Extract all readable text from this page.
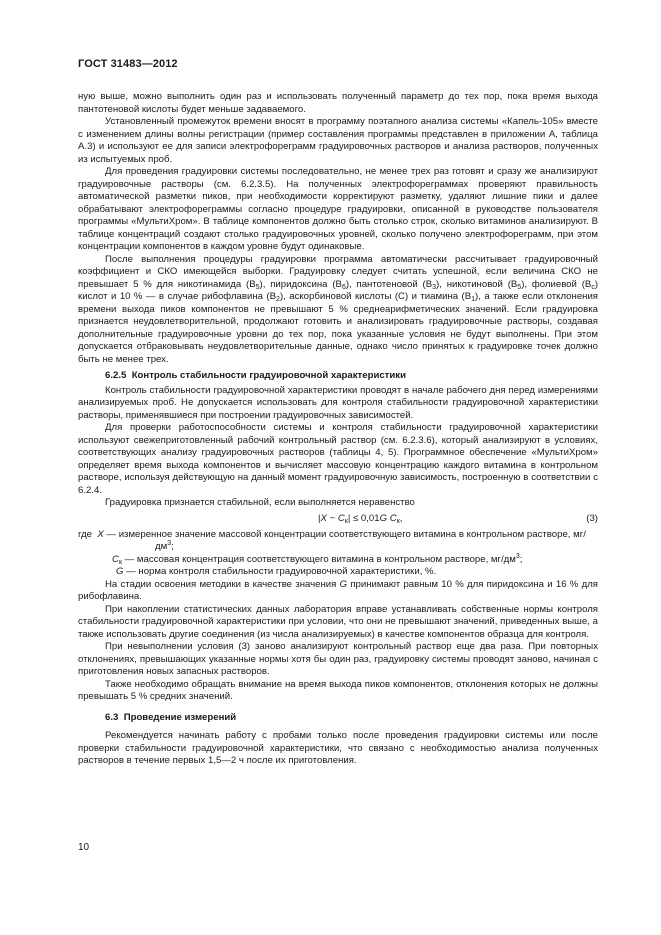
ГОСТ 31483—2012

ную выше, можно выполнить один раз и использовать полученный параметр до тех пор, пока время выхода пантотеновой кислоты будет меньше задаваемого.

Установленный промежуток времени вносят в программу поэтапного анализа системы «Капель-105» вместе с изменением длины волны регистрации (пример составления программы представлен в приложении А, таблица А.3) и используют ее для записи электрофореграмм градуировочных растворов и анализа растворов, полученных из испытуемых проб.

Для проведения градуировки системы последовательно, не менее трех раз готовят и сразу же анализируют градуировочные растворы (см. 6.2.3.5). На полученных электрофореграммах проверяют правильность автоматической разметки пиков, при необходимости корректируют разметку, удаляют лишние пики и далее обрабатывают электрофореграммы согласно процедуре градуировки, описанной в руководстве пользователя программы «МультиХром». В таблице компонентов должно быть столько строк, сколько витаминов анализируют. В таблице концентраций создают столько градуировочных уровней, сколько получено электрофореграмм, при этом концентрации компонентов в каждом уровне будут одинаковые.

После выполнения процедуры градуировки программа автоматически рассчитывает градуировочный коэффициент и СКО имеющейся выборки. Градуировку следует считать успешной, если величина СКО не превышает 5 % для никотинамида $(В_5)$, пиридоксина $(В_6)$, пантотеновой $(В_3)$, никотиновой $(В_5)$, фолиевой $(В_c)$ кислот и 10 % — в случае рибофлавина $(В_2)$, аскорбиновой кислоты (С) и тиамина $(В_1)$, а также если отклонения времени выхода пиков компонентов не превышают 5 % среднеарифметических значений. Если градуировка признается неудовлетворительной, продолжают готовить и анализировать градуировочные растворы, создавая дополнительные градуировочные уровни до тех пор, пока указанные условия не будут выполнены. При этом допускается отбраковывать неудовлетворительные данные, однако число принятых к градуировке точек должно быть не менее трех.

6.2.5 Контроль стабильности градуировочной характеристики

Контроль стабильности градуировочной характеристики проводят в начале рабочего дня перед измерениями анализируемых проб. Не допускается использовать для контроля стабильности градуировочной характеристики растворы, применявшиеся при построении градуировочных зависимостей.

Для проверки работоспособности системы и контроля стабильности градуировочной характеристики используют свежеприготовленный рабочий контрольный раствор (см. 6.2.3.6), который анализируют в условиях, соответствующих анализу градуировочных растворов (таблицы 4, 5). Программное обеспечение «МультиХром» определяет время выхода компонентов и вычисляет массовую концентрацию каждого витамина в контрольном растворе, используя действующую на данный момент градуировочную зависимость, построенную в соответствии с 6.2.4.

Градуировка признается стабильной, если выполняется неравенство

$|X - C_к| \le 0,01G$ $C_к$,	(3)

где X — измеренное значение массовой концентрации соответствующего витамина в контрольном растворе, $мг/дм^3$;

$C_к$ — массовая концентрация соответствующего витамина в контрольном растворе, $мг/дм^3$;

G — норма контроля стабильности градуировочной характеристики, %.

На стадии освоения методики в качестве значения G принимают равным 10 % для пиридоксина и 16 % для рибофлавина.

При накоплении статистических данных лаборатория вправе устанавливать собственные нормы контроля стабильности градуировочной характеристики при условии, что они не превышают значений, приведенных выше, а также использовать другие соединения (из числа анализируемых) в качестве компонентов образца для контроля.

При невыполнении условия (3) заново анализируют контрольный раствор еще два раза. При повторных отклонениях, превышающих указанные нормы хотя бы один раз, градуировку системы проводят заново, начиная с приготовления новых запасных растворов.

Также необходимо обращать внимание на время выхода пиков компонентов, отклонения которых не должны превышать 5 % средних значений.

6.3 Проведение измерений

Рекомендуется начинать работу с пробами только после проведения градуировки системы или после проверки стабильности градуировочной характеристики, что связано с необходимостью анализа полученных растворов в течение первых 1,5—2 ч после их приготовления.

10
